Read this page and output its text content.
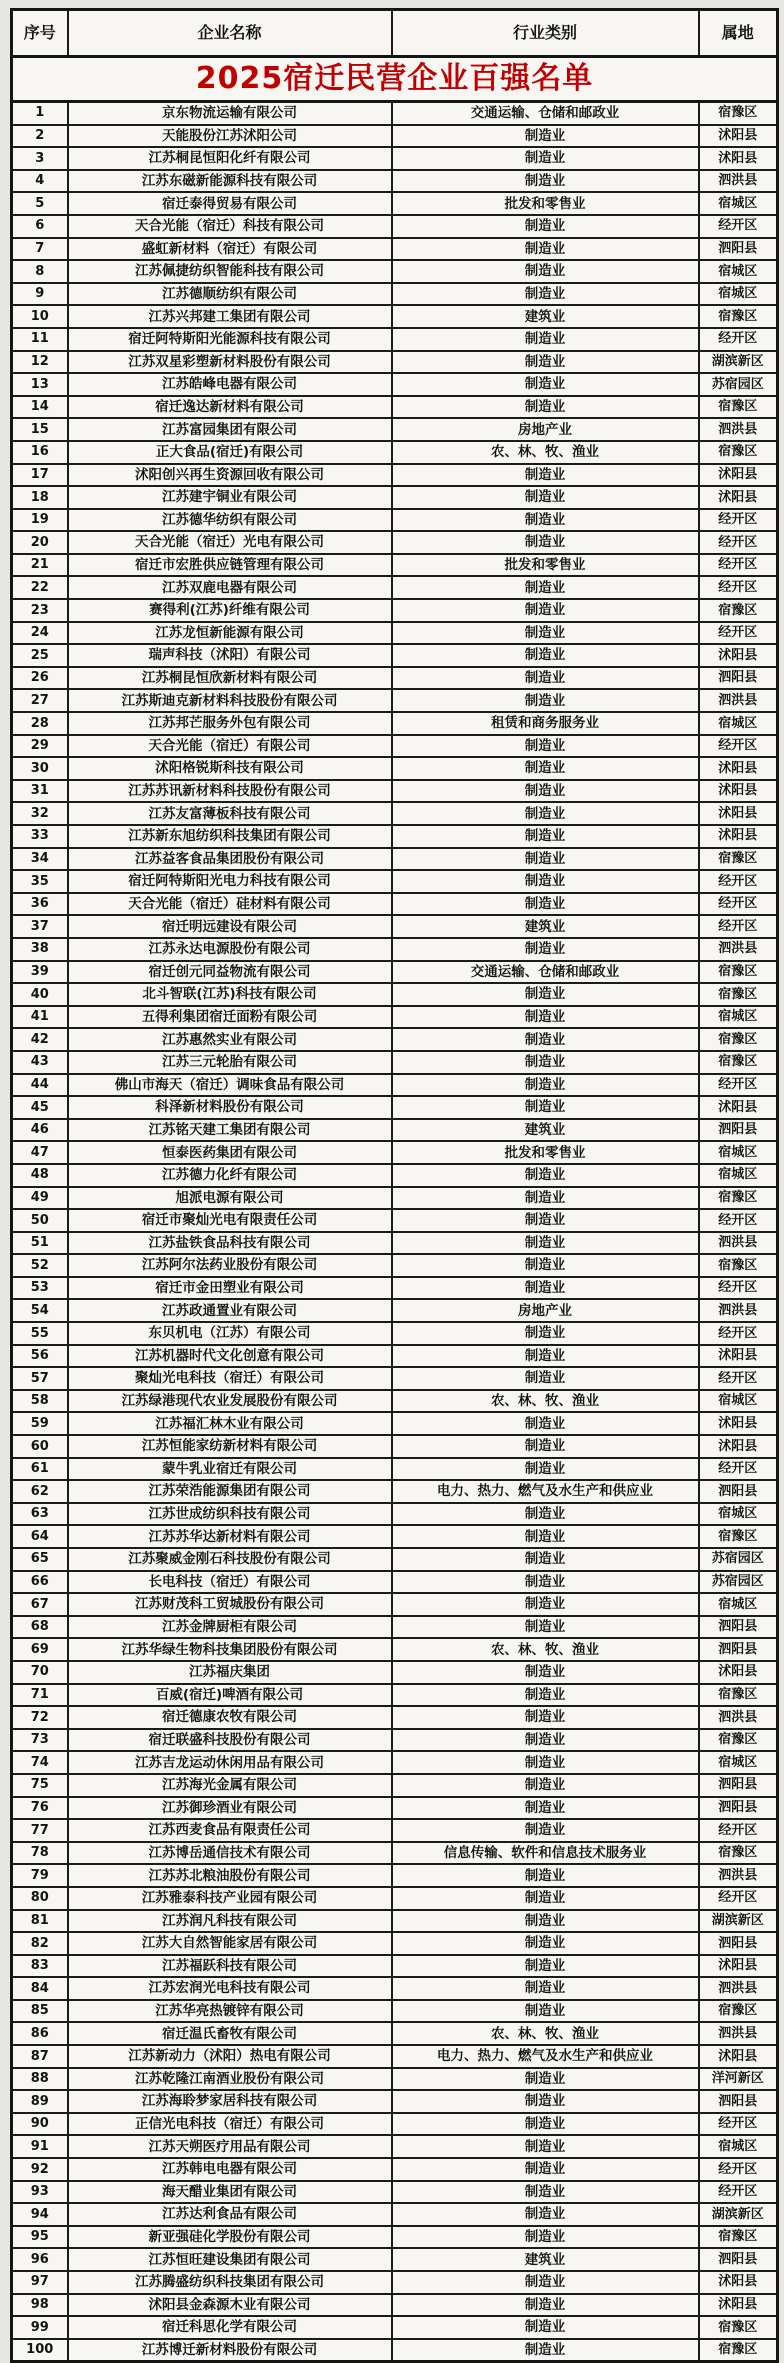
2025宿迁民营企业百强名单			
序号	企业名称	行业类别	属地
1	京东物流运输有限公司	交通运输、仓储和邮政业	宿豫区
2	天能股份江苏沭阳公司	制造业	沭阳县
3	江苏桐昆恒阳化纤有限公司	制造业	沭阳县
4	江苏东磁新能源科技有限公司	制造业	泗洪县
5	宿迁泰得贸易有限公司	批发和零售业	宿城区
6	天合光能（宿迁）科技有限公司	制造业	经开区
7	盛虹新材料（宿迁）有限公司	制造业	泗阳县
8	江苏佩捷纺织智能科技有限公司	制造业	宿城区
9	江苏德顺纺织有限公司	制造业	宿城区
10	江苏兴邦建工集团有限公司	建筑业	宿豫区
11	宿迁阿特斯阳光能源科技有限公司	制造业	经开区
12	江苏双星彩塑新材料股份有限公司	制造业	湖滨新区
13	江苏皓峰电器有限公司	制造业	苏宿园区
14	宿迁逸达新材料有限公司	制造业	宿豫区
15	江苏富园集团有限公司	房地产业	泗洪县
16	正大食品(宿迁)有限公司	农、林、牧、渔业	宿豫区
17	沭阳创兴再生资源回收有限公司	制造业	沭阳县
18	江苏建宇铜业有限公司	制造业	沭阳县
19	江苏德华纺织有限公司	制造业	经开区
20	天合光能（宿迁）光电有限公司	制造业	经开区
21	宿迁市宏胜供应链管理有限公司	批发和零售业	经开区
22	江苏双鹿电器有限公司	制造业	经开区
23	赛得利(江苏)纤维有限公司	制造业	宿豫区
24	江苏龙恒新能源有限公司	制造业	经开区
25	瑞声科技（沭阳）有限公司	制造业	沭阳县
26	江苏桐昆恒欣新材料有限公司	制造业	泗阳县
27	江苏斯迪克新材料科技股份有限公司	制造业	泗洪县
28	江苏邦芒服务外包有限公司	租赁和商务服务业	宿城区
29	天合光能（宿迁）有限公司	制造业	经开区
30	沭阳格锐斯科技有限公司	制造业	沭阳县
31	江苏苏讯新材料科技股份有限公司	制造业	沭阳县
32	江苏友富薄板科技有限公司	制造业	沭阳县
33	江苏新东旭纺织科技集团有限公司	制造业	沭阳县
34	江苏益客食品集团股份有限公司	制造业	宿豫区
35	宿迁阿特斯阳光电力科技有限公司	制造业	经开区
36	天合光能（宿迁）硅材料有限公司	制造业	经开区
37	宿迁明远建设有限公司	建筑业	经开区
38	江苏永达电源股份有限公司	制造业	泗洪县
39	宿迁创元同益物流有限公司	交通运输、仓储和邮政业	宿豫区
40	北斗智联(江苏)科技有限公司	制造业	宿豫区
41	五得利集团宿迁面粉有限公司	制造业	宿城区
42	江苏惠然实业有限公司	制造业	宿豫区
43	江苏三元轮胎有限公司	制造业	宿豫区
44	佛山市海天（宿迁）调味食品有限公司	制造业	经开区
45	科泽新材料股份有限公司	制造业	沭阳县
46	江苏铭天建工集团有限公司	建筑业	泗阳县
47	恒泰医药集团有限公司	批发和零售业	宿城区
48	江苏德力化纤有限公司	制造业	宿城区
49	旭派电源有限公司	制造业	宿豫区
50	宿迁市聚灿光电有限责任公司	制造业	经开区
51	江苏盐铁食品科技有限公司	制造业	泗洪县
52	江苏阿尔法药业股份有限公司	制造业	宿豫区
53	宿迁市金田塑业有限公司	制造业	经开区
54	江苏政通置业有限公司	房地产业	泗洪县
55	东贝机电（江苏）有限公司	制造业	经开区
56	江苏机器时代文化创意有限公司	制造业	沭阳县
57	聚灿光电科技（宿迁）有限公司	制造业	经开区
58	江苏绿港现代农业发展股份有限公司	农、林、牧、渔业	宿城区
59	江苏福汇林木业有限公司	制造业	沭阳县
60	江苏恒能家纺新材料有限公司	制造业	沭阳县
61	蒙牛乳业宿迁有限公司	制造业	经开区
62	江苏荣浩能源集团有限公司	电力、热力、燃气及水生产和供应业	泗阳县
63	江苏世成纺织科技有限公司	制造业	宿城区
64	江苏苏华达新材料有限公司	制造业	宿豫区
65	江苏聚威金刚石科技股份有限公司	制造业	苏宿园区
66	长电科技（宿迁）有限公司	制造业	苏宿园区
67	江苏财茂科工贸城股份有限公司	制造业	宿城区
68	江苏金牌厨柜有限公司	制造业	泗阳县
69	江苏华绿生物科技集团股份有限公司	农、林、牧、渔业	泗阳县
70	江苏福庆集团	制造业	沭阳县
71	百威(宿迁)啤酒有限公司	制造业	宿豫区
72	宿迁德康农牧有限公司	制造业	泗洪县
73	宿迁联盛科技股份有限公司	制造业	宿豫区
74	江苏吉龙运动休闲用品有限公司	制造业	宿城区
75	江苏海光金属有限公司	制造业	泗阳县
76	江苏御珍酒业有限公司	制造业	泗阳县
77	江苏西麦食品有限责任公司	制造业	经开区
78	江苏博岳通信技术有限公司	信息传输、软件和信息技术服务业	宿豫区
79	江苏苏北粮油股份有限公司	制造业	泗洪县
80	江苏雅泰科技产业园有限公司	制造业	经开区
81	江苏润凡科技有限公司	制造业	湖滨新区
82	江苏大自然智能家居有限公司	制造业	泗阳县
83	江苏福跃科技有限公司	制造业	沭阳县
84	江苏宏润光电科技有限公司	制造业	泗洪县
85	江苏华亮热镀锌有限公司	制造业	宿豫区
86	宿迁温氏畜牧有限公司	农、林、牧、渔业	泗洪县
87	江苏新动力（沭阳）热电有限公司	电力、热力、燃气及水生产和供应业	沭阳县
88	江苏乾隆江南酒业股份有限公司	制造业	洋河新区
89	江苏海聆梦家居科技有限公司	制造业	泗阳县
90	正信光电科技（宿迁）有限公司	制造业	经开区
91	江苏天朔医疗用品有限公司	制造业	宿城区
92	江苏韩电电器有限公司	制造业	经开区
93	海天醋业集团有限公司	制造业	经开区
94	江苏达利食品有限公司	制造业	湖滨新区
95	新亚强硅化学股份有限公司	制造业	宿豫区
96	江苏恒旺建设集团有限公司	建筑业	泗阳县
97	江苏腾盛纺织科技集团有限公司	制造业	沭阳县
98	沭阳县金森源木业有限公司	制造业	沭阳县
99	宿迁科思化学有限公司	制造业	宿豫区
100	江苏博迁新材料股份有限公司	制造业	宿豫区
